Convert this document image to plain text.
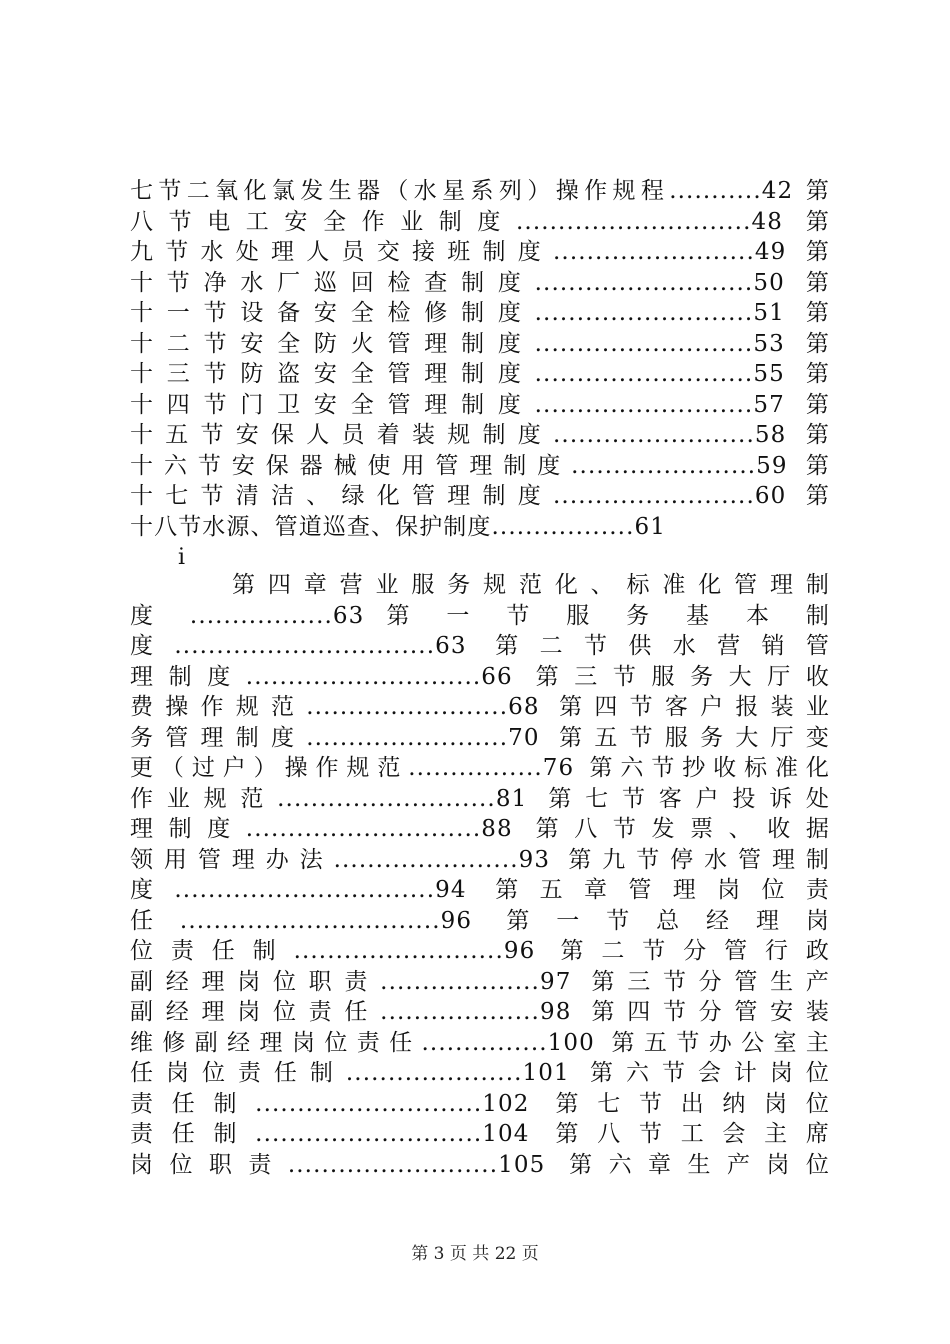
七节二氧化氯发生器（水星系列）操作规程...........42 第
八节电工安全作业制度............................48 第
九节水处理人员交接班制度........................49 第
十节净水厂巡回检查制度..........................50 第
十一节设备安全检修制度..........................51 第
十二节安全防火管理制度..........................53 第
十三节防盗安全管理制度..........................55 第
十四节门卫安全管理制度..........................57 第
十五节安保人员着装规制度........................58 第
十六节安保器械使用管理制度......................59 第
十七节清洁、绿化管理制度........................60 第
十八节水源、管道巡查、保护制度.................61
i
第四章营业服务规范化、标准化管理制
度 .................63 第 一 节 服 务 基 本 制
度...............................63 第二节供水营销管
理制度............................66 第三节服务大厅收
费操作规范........................68 第四节客户报装业
务管理制度........................70 第五节服务大厅变
更（过户）操作规范................76 第六节抄收标准化
作业规范..........................81 第七节客户投诉处
理制度............................88 第八节发票、收据
领用管理办法......................93 第九节停水管理制
度...............................94 第五章管理岗位责
任...............................96 第一节总经理岗
位责任制.........................96 第二节分管行政
副经理岗位职责...................97 第三节分管生产
副经理岗位责任...................98 第四节分管安装
维修副经理岗位责任...............100 第五节办公室主
任岗位责任制.....................101 第六节会计岗位
责任制...........................102 第七节出纳岗位
责任制...........................104 第八节工会主席
岗位职责.........................105 第六章生产岗位
第 3 页 共 22 页
